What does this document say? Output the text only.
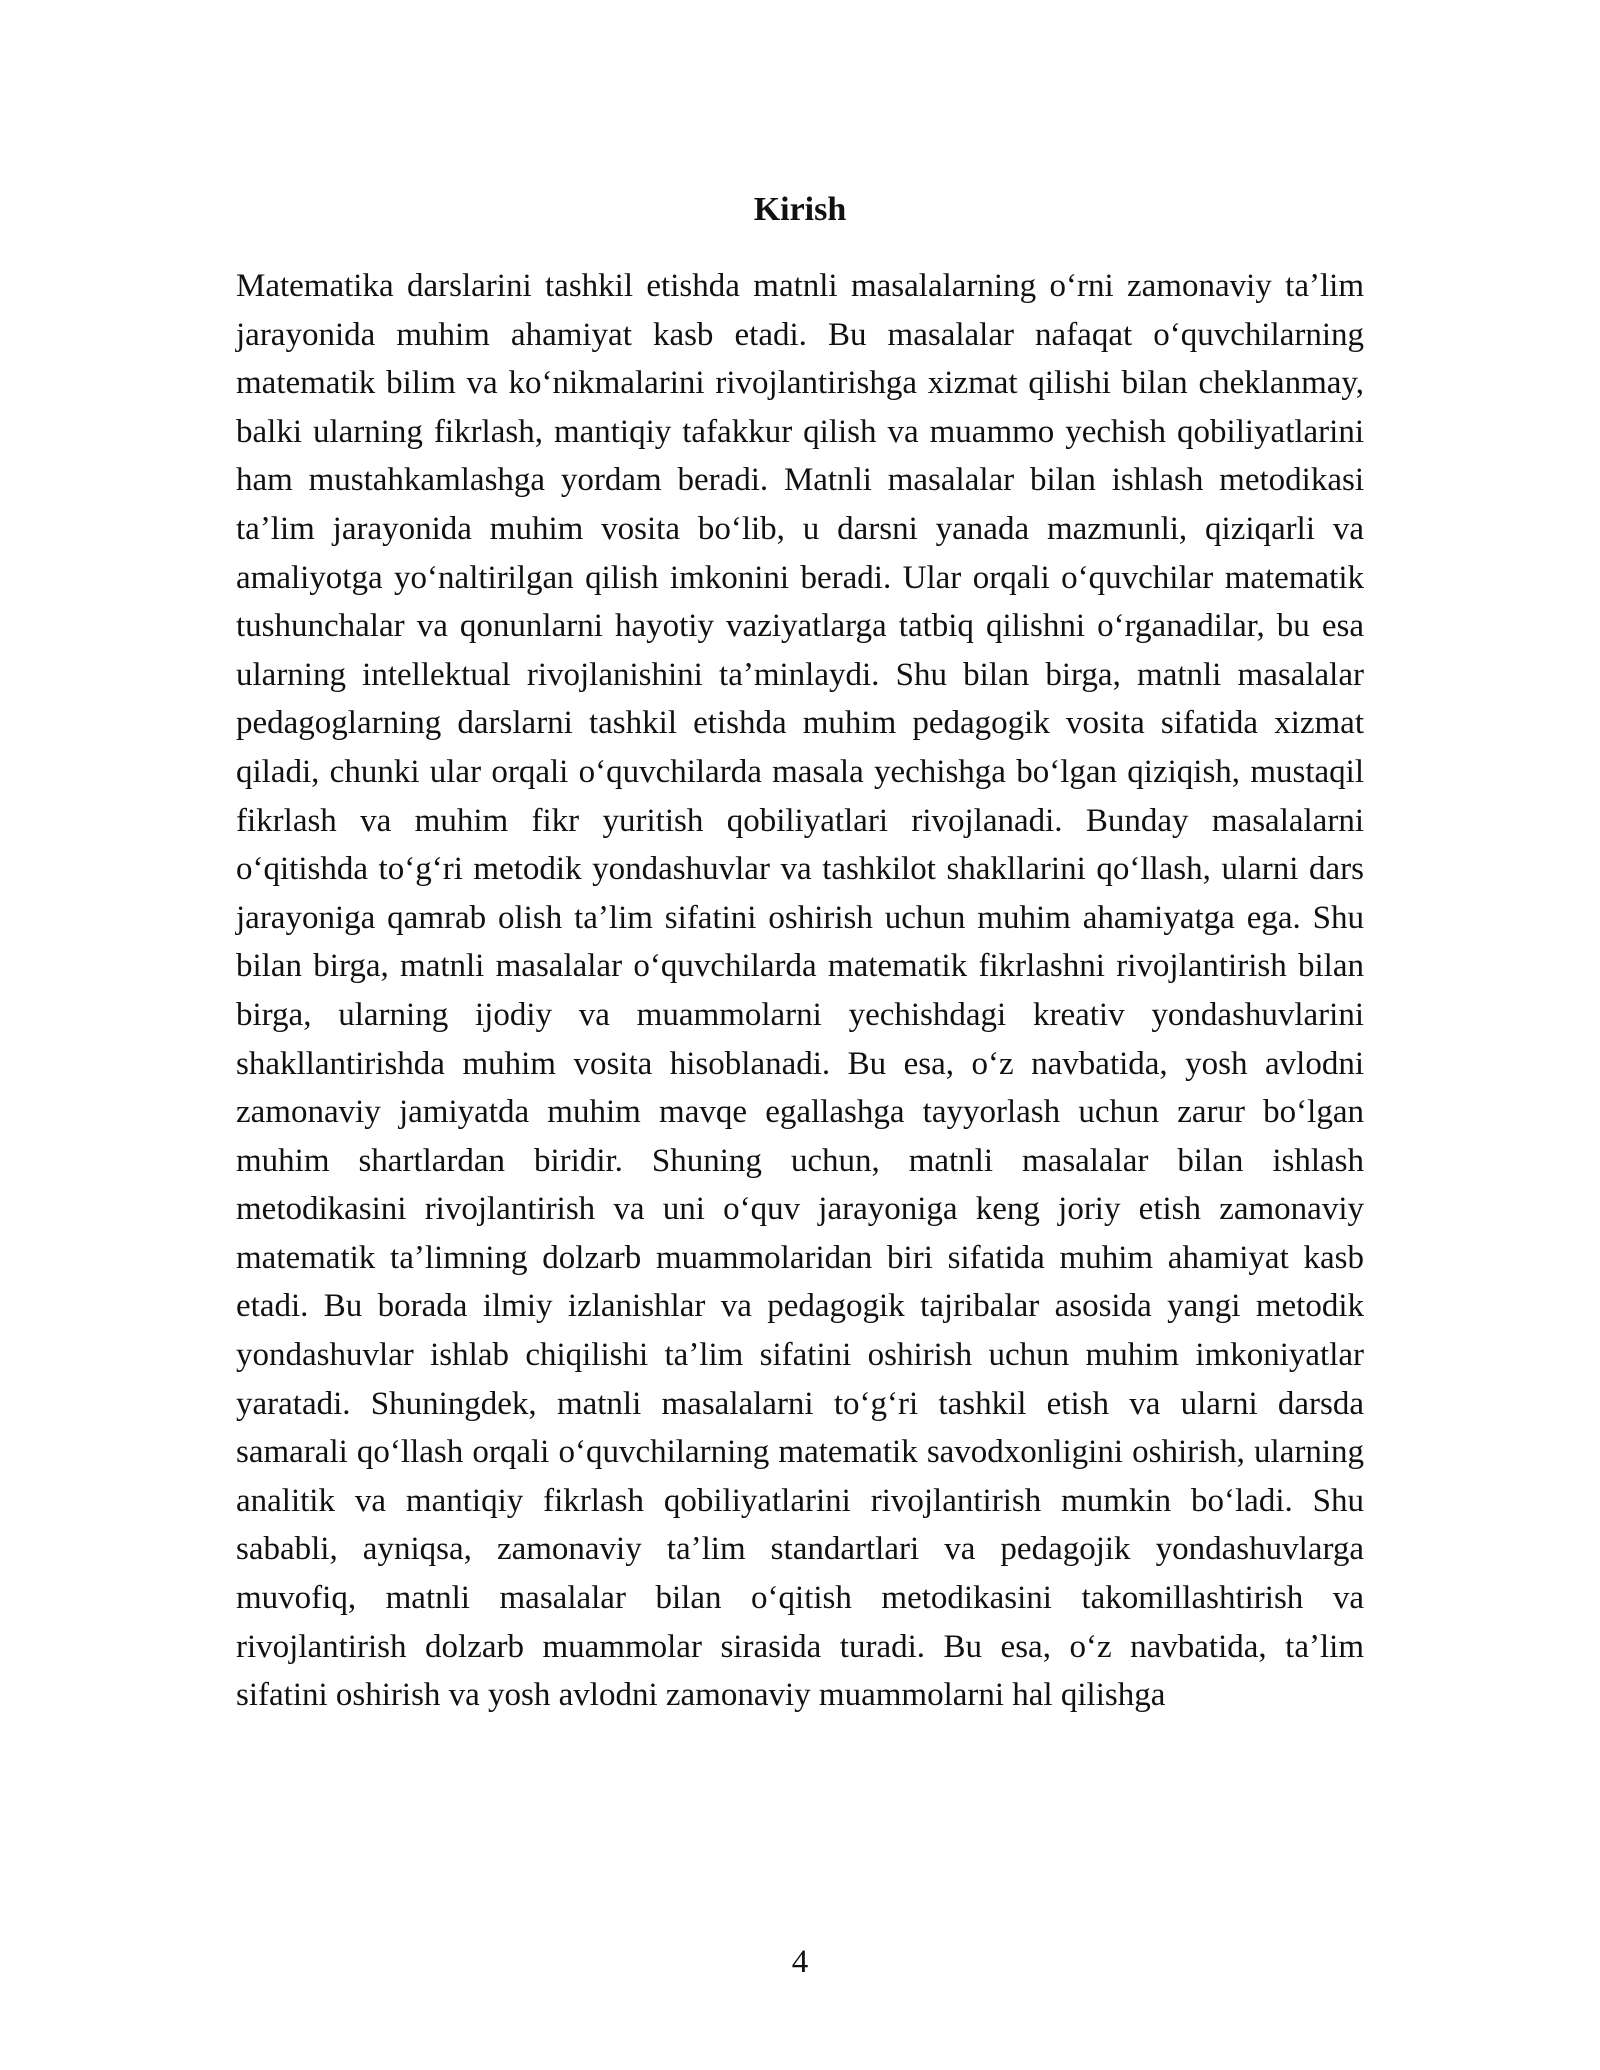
Kirish

Matematika darslarini tashkil etishda matnli masalalarning oʻrni zamonaviy taʼlim jarayonida muhim ahamiyat kasb etadi. Bu masalalar nafaqat oʻquvchilarning matematik bilim va koʻnikmalarini rivojlantirishga xizmat qilishi bilan cheklanmay, balki ularning fikrlash, mantiqiy tafakkur qilish va muammo yechish qobiliyatlarini ham mustahkamlashga yordam beradi. Matnli masalalar bilan ishlash metodikasi taʼlim jarayonida muhim vosita boʻlib, u darsni yanada mazmunli, qiziqarli va amaliyotga yoʻnaltirilgan qilish imkonini beradi. Ular orqali oʻquvchilar matematik tushunchalar va qonunlarni hayotiy vaziyatlarga tatbiq qilishni oʻrganadilar, bu esa ularning intellektual rivojlanishini taʼminlaydi. Shu bilan birga, matnli masalalar pedagoglarning darslarni tashkil etishda muhim pedagogik vosita sifatida xizmat qiladi, chunki ular orqali oʻquvchilarda masala yechishga boʻlgan qiziqish, mustaqil fikrlash va muhim fikr yuritish qobiliyatlari rivojlanadi. Bunday masalalarni oʻqitishda toʻgʻri metodik yondashuvlar va tashkilot shakllarini qoʻllash, ularni dars jarayoniga qamrab olish taʼlim sifatini oshirish uchun muhim ahamiyatga ega. Shu bilan birga, matnli masalalar oʻquvchilarda matematik fikrlashni rivojlantirish bilan birga, ularning ijodiy va muammolarni yechishdagi kreativ yondashuvlarini shakllantirishda muhim vosita hisoblanadi. Bu esa, oʻz navbatida, yosh avlodni zamonaviy jamiyatda muhim mavqe egallashga tayyorlash uchun zarur boʻlgan muhim shartlardan biridir. Shuning uchun, matnli masalalar bilan ishlash metodikasini rivojlantirish va uni oʻquv jarayoniga keng joriy etish zamonaviy matematik taʼlimning dolzarb muammolaridan biri sifatida muhim ahamiyat kasb etadi. Bu borada ilmiy izlanishlar va pedagogik tajribalar asosida yangi metodik yondashuvlar ishlab chiqilishi taʼlim sifatini oshirish uchun muhim imkoniyatlar yaratadi. Shuningdek, matnli masalalarni toʻgʻri tashkil etish va ularni darsda samarali qoʻllash orqali oʻquvchilarning matematik savodxonligini oshirish, ularning analitik va mantiqiy fikrlash qobiliyatlarini rivojlantirish mumkin boʻladi. Shu sababli, ayniqsa, zamonaviy taʼlim standartlari va pedagojik yondashuvlarga muvofiq, matnli masalalar bilan oʻqitish metodikasini takomillashtirish va rivojlantirish dolzarb muammolar sirasida turadi. Bu esa, oʻz navbatida, taʼlim sifatini oshirish va yosh avlodni zamonaviy muammolarni hal qilishga

4
